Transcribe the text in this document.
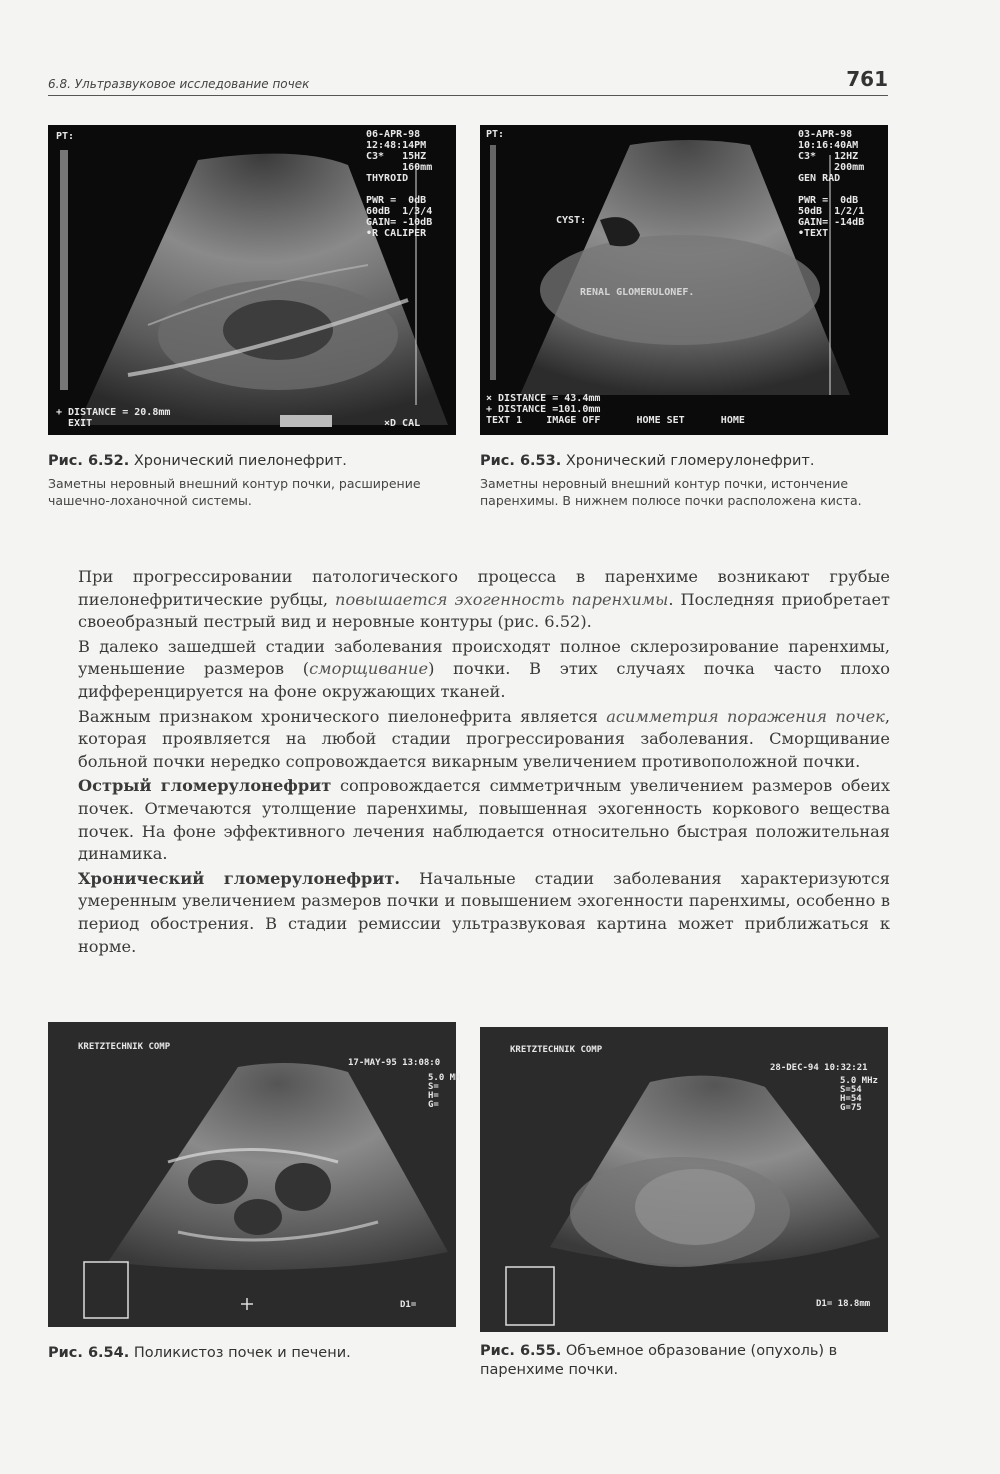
6.8. Ультразвуковое исследование почек	761
PT:	06-APR-98
12:48:14PM
C3*   15HZ
160mm
THYROID

PWR =  0dB
60dB  1/3/4
GAIN= -10dB
•R CALIPER
+ DISTANCE = 20.8mm
EXIT	×D CAL
Рис. 6.52. Хронический пиелонефрит.
Заметны неровный внешний контур почки, расширение чашечно-лоханочной системы.
PT:	03-APR-98
10:16:40AM
C3*   12HZ
200mm
GEN RAD

PWR =  0dB
50dB  1/2/1
GAIN= -14dB
•TEXT
CYST:
RENAL GLOMERULONEF.
× DISTANCE = 43.4mm
+ DISTANCE =101.0mm
TEXT 1    IMAGE OFF      HOME SET      HOME
Рис. 6.53. Хронический гломерулонефрит.
Заметны неровный внешний контур почки, истончение паренхимы. В нижнем полюсе почки расположена киста.

При прогрессировании патологического процесса в паренхиме возникают грубые пиелонефритические рубцы, повышается эхогенность паренхимы. Последняя приобретает своеобразный пестрый вид и неровные контуры (рис. 6.52).

В далеко зашедшей стадии заболевания происходят полное склерозирование паренхимы, уменьшение размеров (сморщивание) почки. В этих случаях почка часто плохо дифференцируется на фоне окружающих тканей.

Важным признаком хронического пиелонефрита является асимметрия поражения почек, которая проявляется на любой стадии прогрессирования заболевания. Сморщивание больной почки нередко сопровождается викарным увеличением противоположной почки.

Острый гломерулонефрит сопровождается симметричным увеличением размеров обеих почек. Отмечаются утолщение паренхимы, повышенная эхогенность коркового вещества почек. На фоне эффективного лечения наблюдается относительно быстрая положительная динамика.

Хронический гломерулонефрит. Начальные стадии заболевания характеризуются умеренным увеличением размеров почки и повышением эхогенности паренхимы, особенно в период обострения. В стадии ремиссии ультразвуковая картина может приближаться к норме.

KRETZTECHNIK COMP
17-MAY-95 13:08:0
5.0 MH
S=
H=
G=
D1=
Рис. 6.54. Поликистоз почек и печени.
KRETZTECHNIK COMP
28-DEC-94 10:32:21
5.0 MHz
S=54
H=54
G=75
D1= 18.8mm
Рис. 6.55. Объемное образование (опухоль) в паренхиме почки.
